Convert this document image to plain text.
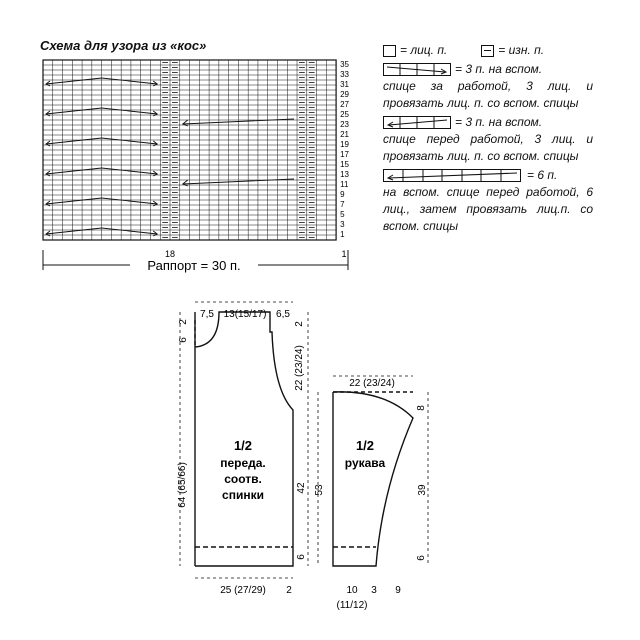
Схема для узора из «кос»
35
33
31
29
27
25
23
21
19
17
15
13
11
9
7
5
3
1
18	1
Раппорт = 30 п.
= лиц. п.	= изн. п.
= 3 п. на вспом.
спице за работой, 3 лиц. и провязать лиц. п. со вспом. спицы
= 3 п. на вспом.
спице перед работой, 3 лиц. и провязать лиц. п. со вспом. спицы
= 6 п.
на вспом. спице перед работой, 6 лиц., затем провязать лиц.п. со вспом. спицы
7,5 13(15/17) 6,5
6
2
64 (65/66)
2
22 (23/24)
42
6
25 (27/29) 2
1/2
переда.
соотв.
спинки
22 (23/24)
8
39
6
53
10 3 9
(11/12)
1/2
рукава
